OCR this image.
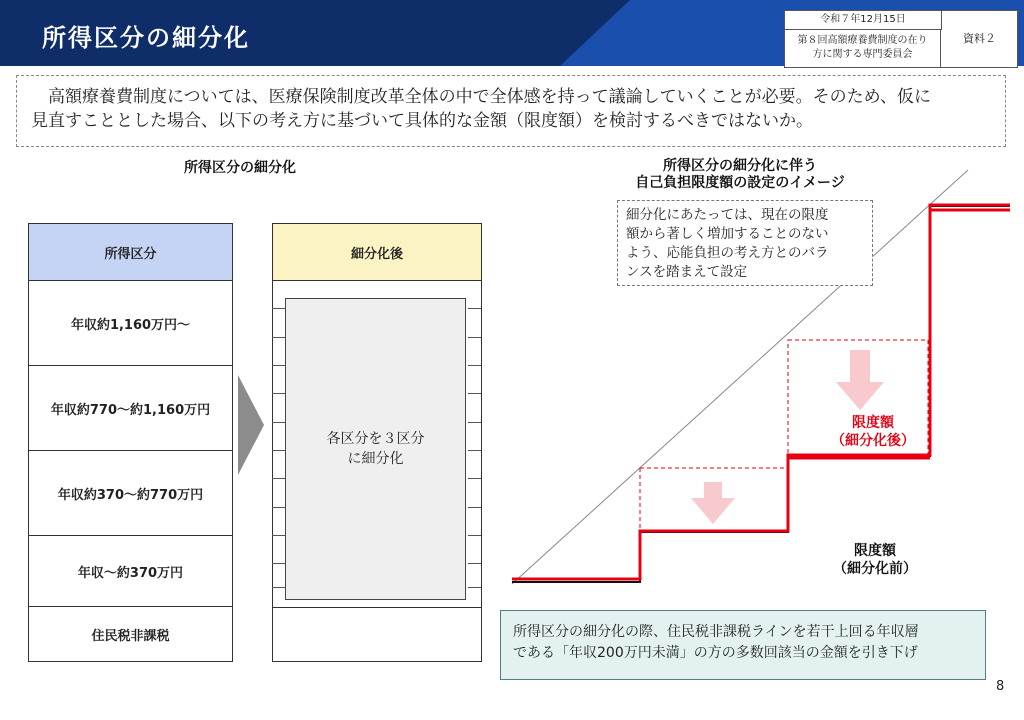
所得区分の細分化
令和７年12月15日
第８回高額療養費制度の在り
方に関する専門委員会
資料２
高額療養費制度については、医療保険制度改革全体の中で全体感を持って議論していくことが必要。そのため、仮に
見直すこととした場合、以下の考え方に基づいて具体的な金額（限度額）を検討するべきではないか。
所得区分の細分化
所得区分
年収約1,160万円～
年収約770～約1,160万円
年収約370～約770万円
年収～約370万円
住民税非課税
細分化後
各区分を３区分
に細分化
所得区分の細分化に伴う
自己負担限度額の設定のイメージ
細分化にあたっては、現在の限度
額から著しく増加することのない
よう、応能負担の考え方とのバラ
ンスを踏まえて設定
限度額
（細分化後）
限度額
（細分化前）
所得区分の細分化の際、住民税非課税ラインを若干上回る年収層
である「年収200万円未満」の方の多数回該当の金額を引き下げ
8
